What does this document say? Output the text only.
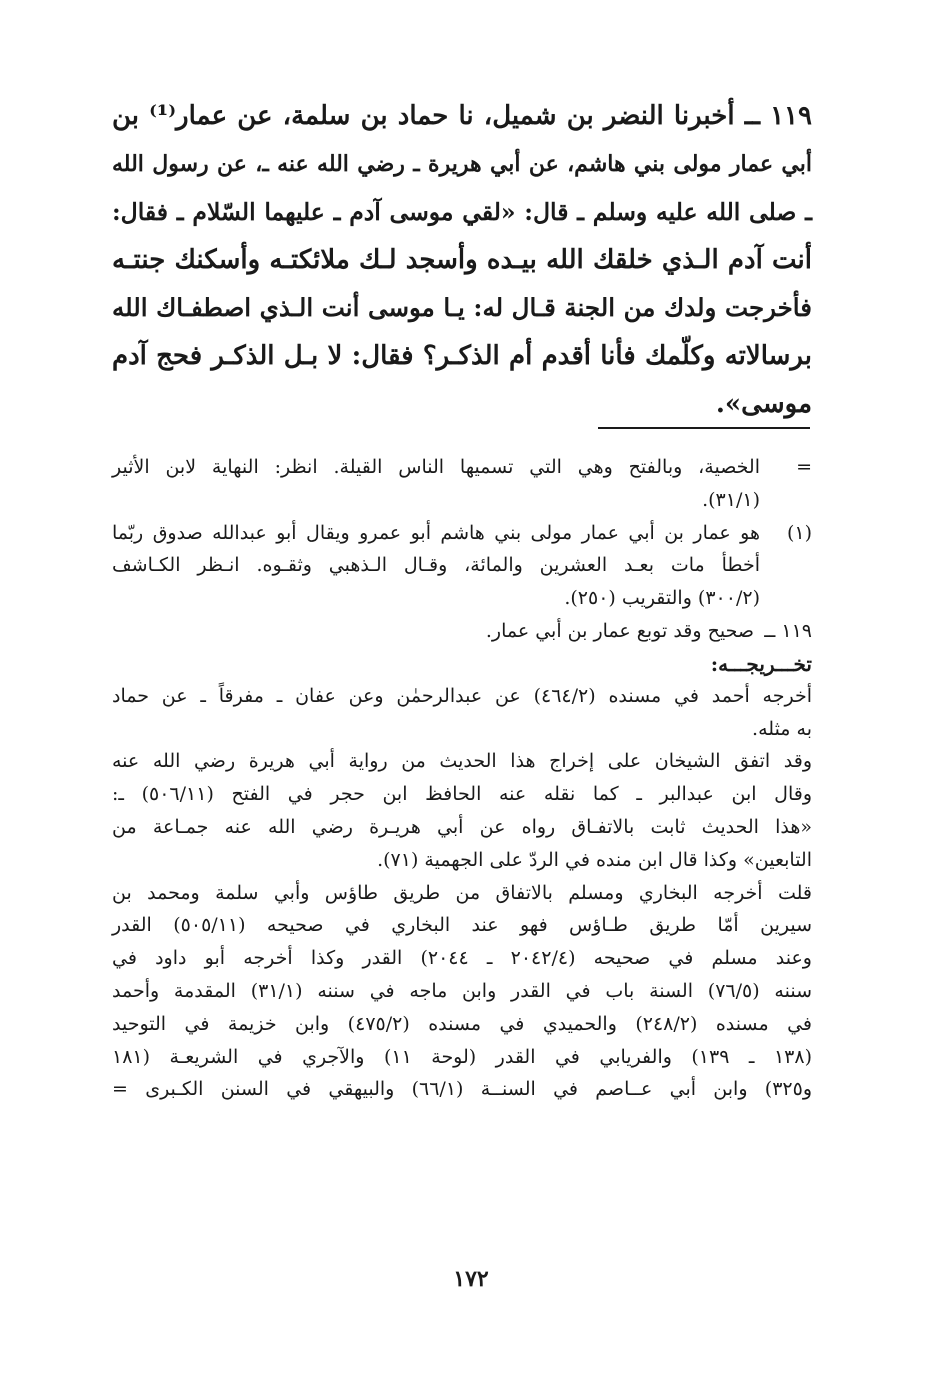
١١٩ ــ أخبرنا النضر بن شميل، نا حماد بن سلمة، عن عمار⁽¹⁾ بن
أبي عمار مولى بني هاشم، عن أبي هريرة ـ رضي الله عنه ـ، عن رسول الله
ـ صلى الله عليه وسلم ـ قال: «لقي موسى آدم ـ عليهما السّلام ـ فقال:
أنت آدم الـذي خلقك الله بيـده وأسجد لـك ملائكتـه وأسكنك جنتـه
فأخرجت ولدك من الجنة قـال له: يـا موسى أنت الـذي اصطفـاك الله
برسالاته وكلّمك فأنا أقدم أم الذكـر؟ فقال: لا بـل الذكـر فحج آدم
موسى».
=
الخصية، وبالفتح وهي التي تسميها الناس القيلة. انظر: النهاية لابن الأثير
(٣١/١).
(١)
هو عمار بن أبي عمار مولى بني هاشم أبو عمرو ويقال أبو عبدالله صدوق ربّما
أخطأ مات بعـد العشرين والمائة، وقـال الـذهبي وثقـوه. انـظر الكـاشف
(٣٠٠/٢) والتقريب (٢٥٠).
١١٩ ــ
صحيح وقد توبع عمار بن أبي عمار.
تخـــريجـــه:
أخرجه أحمد في مسنده (٤٦٤/٢) عن عبدالرحمٰن وعن عفان ـ مفرقاً ـ عن حماد
به مثله.
وقد اتفق الشيخان على إخراج هذا الحديث من رواية أبي هريرة رضي الله عنه
وقال ابن عبدالبر ـ كما نقله عنه الحافظ ابن حجر في الفتح (٥٠٦/١١) ـ:
«هذا الحديث ثابت بالاتفـاق رواه عن أبي هريـرة رضي الله عنه جمـاعة من
التابعين» وكذا قال ابن منده في الردّ على الجهمية (٧١).
قلت أخرجه البخاري ومسلم بالاتفاق من طريق طاؤس وأبي سلمة ومحمد بن
سيرين أمّا طريق طـاؤس فهو عند البخاري في صحيحه (٥٠٥/١١) القدر
وعند مسلم في صحيحه (٢٠٤٢/٤ ـ ٢٠٤٤) القدر وكذا أخرجه أبو داود في
سننه (٧٦/٥) السنة باب في القدر وابن ماجه في سننه (٣١/١) المقدمة وأحمد
في مسنده (٢٤٨/٢) والحميدي في مسنده (٤٧٥/٢) وابن خزيمة في التوحيد
(١٣٨ ـ ١٣٩) والفريابي في القدر (لوحة ١١) والآجري في الشريعـة (١٨١
و٣٢٥) وابن أبي عــاصم في السنــة (٦٦/١) والبيهقي في السنن الكـبرى =
١٧٢
